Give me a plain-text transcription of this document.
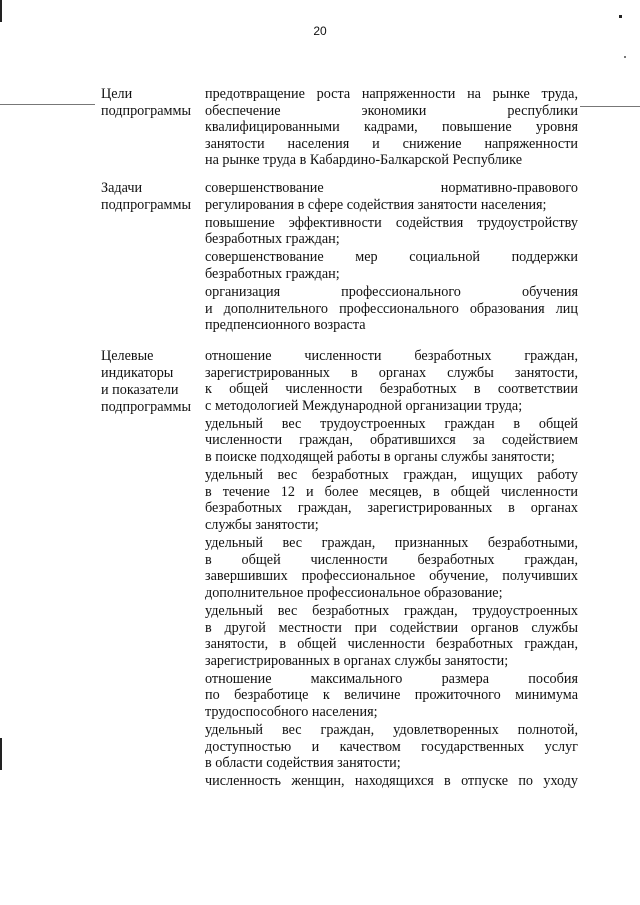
20
Цели
подпрограммы
предотвращение роста напряженности на рынке труда,
обеспечение экономики республики
квалифицированными кадрами, повышение уровня
занятости населения и снижение напряженности
на рынке труда в Кабардино-Балкарской Республике
Задачи
подпрограммы
совершенствование нормативно-правового
регулирования в сфере содействия занятости населения;
повышение эффективности содействия трудоустройству
безработных граждан;
совершенствование мер социальной поддержки
безработных граждан;
организация профессионального обучения
и дополнительного профессионального образования лиц
предпенсионного возраста
Целевые
индикаторы
и показатели
подпрограммы
отношение численности безработных граждан,
зарегистрированных в органах службы занятости,
к общей численности безработных в соответствии
с методологией Международной организации труда;
удельный вес трудоустроенных граждан в общей
численности граждан, обратившихся за содействием
в поиске подходящей работы в органы службы занятости;
удельный вес безработных граждан, ищущих работу
в течение 12 и более месяцев, в общей численности
безработных граждан, зарегистрированных в органах
службы занятости;
удельный вес граждан, признанных безработными,
в общей численности безработных граждан,
завершивших профессиональное обучение, получивших
дополнительное профессиональное образование;
удельный вес безработных граждан, трудоустроенных
в другой местности при содействии органов службы
занятости, в общей численности безработных граждан,
зарегистрированных в органах службы занятости;
отношение максимального размера пособия
по безработице к величине прожиточного минимума
трудоспособного населения;
удельный вес граждан, удовлетворенных полнотой,
доступностью и качеством государственных услуг
в области содействия занятости;
численность женщин, находящихся в отпуске по уходу
